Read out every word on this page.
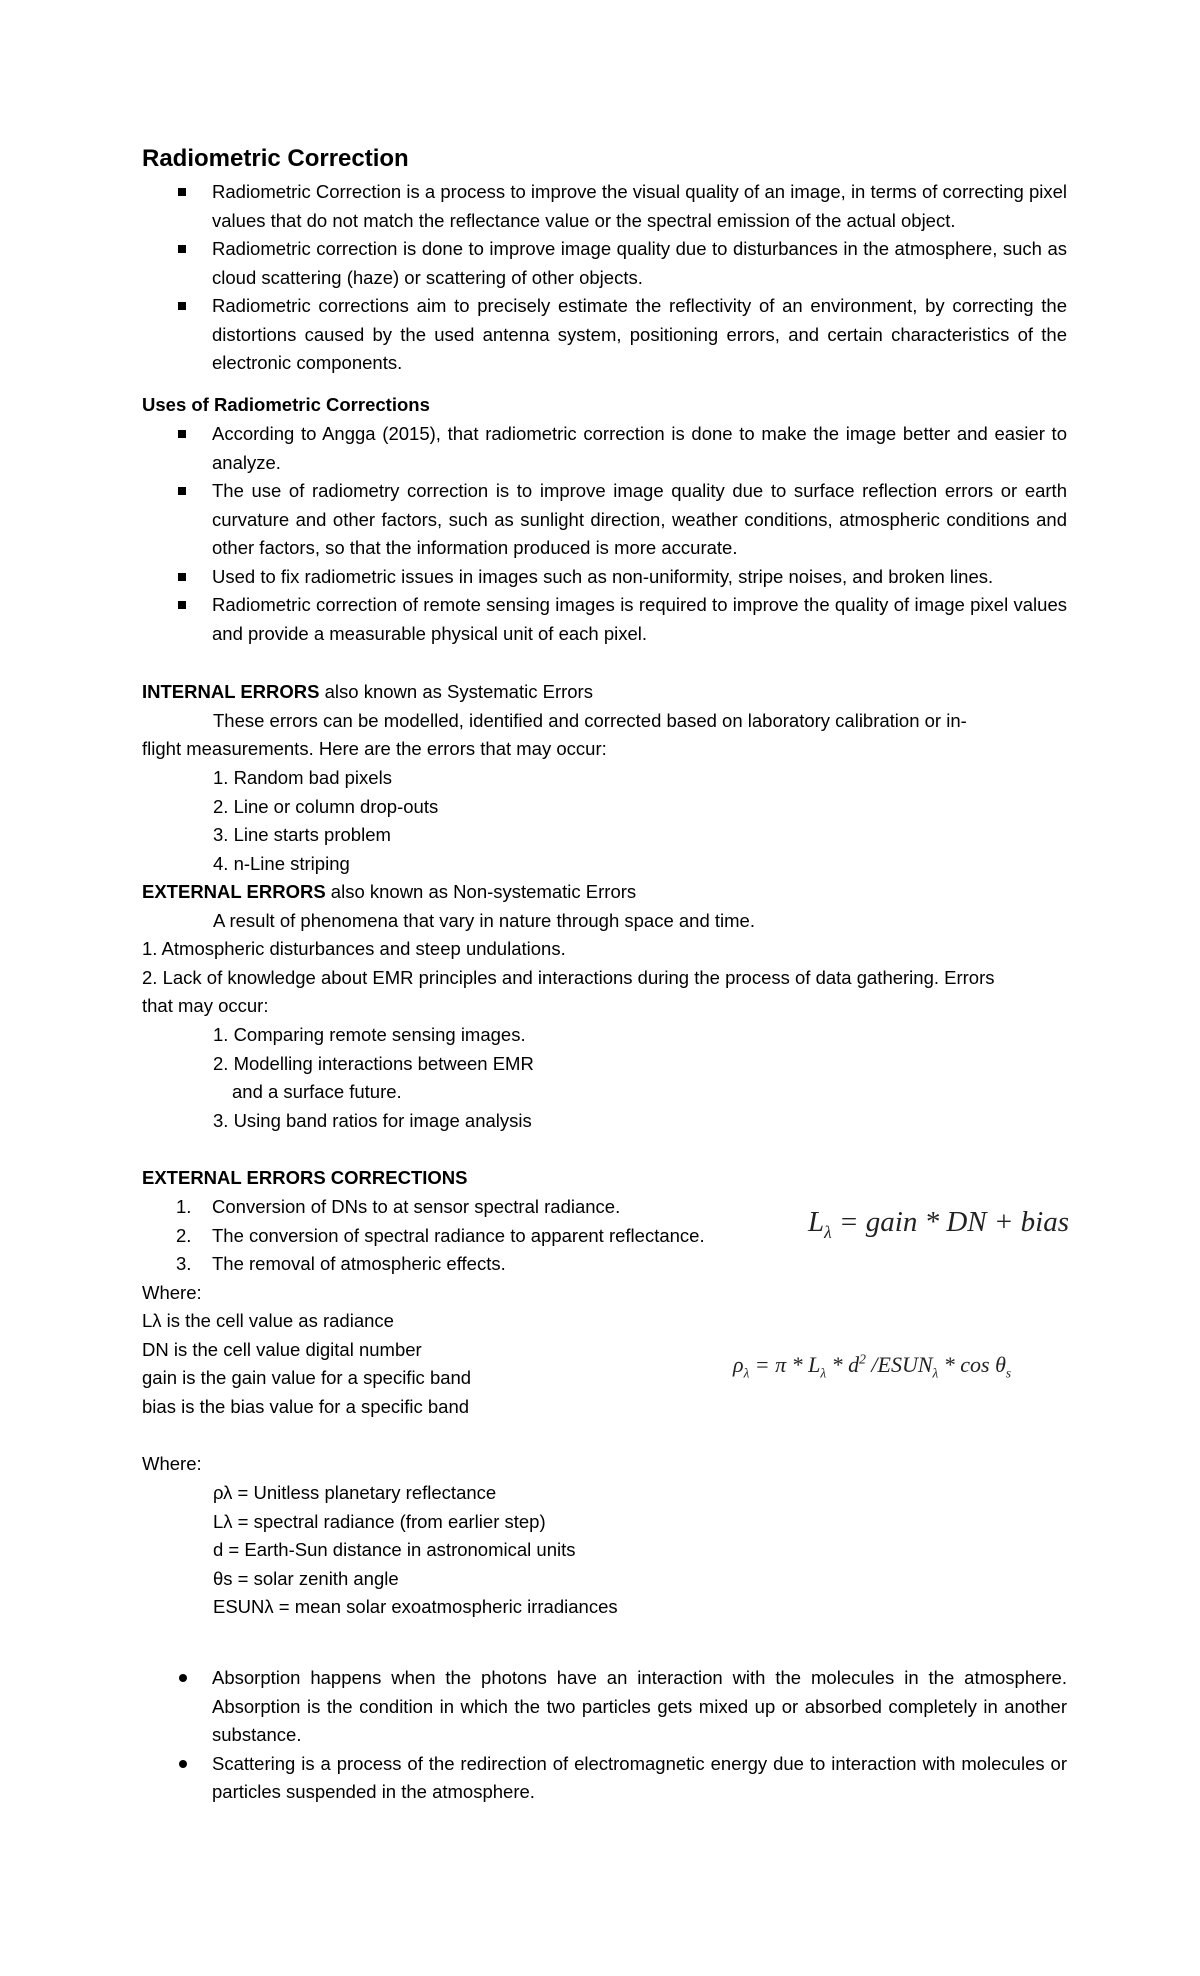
Radiometric Correction
Radiometric Correction is a process to improve the visual quality of an image, in terms of correcting pixel values that do not match the reflectance value or the spectral emission of the actual object.
Radiometric correction is done to improve image quality due to disturbances in the atmosphere, such as cloud scattering (haze) or scattering of other objects.
Radiometric corrections aim to precisely estimate the reflectivity of an environment, by correcting the distortions caused by the used antenna system, positioning errors, and certain characteristics of the electronic components.
Uses of Radiometric Corrections
According to Angga (2015), that radiometric correction is done to make the image better and easier to analyze.
The use of radiometry correction is to improve image quality due to surface reflection errors or earth curvature and other factors, such as sunlight direction, weather conditions, atmospheric conditions and other factors, so that the information produced is more accurate.
Used to fix radiometric issues in images such as non-uniformity, stripe noises, and broken lines.
Radiometric correction of remote sensing images is required to improve the quality of image pixel values and provide a measurable physical unit of each pixel.
INTERNAL ERRORS also known as Systematic Errors
These errors can be modelled, identified and corrected based on laboratory calibration or in-
flight measurements. Here are the errors that may occur:
1. Random bad pixels
2. Line or column drop-outs
3. Line starts problem
4. n-Line striping
EXTERNAL ERRORS also known as Non-systematic Errors
A result of phenomena that vary in nature through space and time.
1. Atmospheric disturbances and steep undulations.
2. Lack of knowledge about EMR principles and interactions during the process of data gathering. Errors
that may occur:
1. Comparing remote sensing images.
2. Modelling interactions between EMR
and a surface future.
3. Using band ratios for image analysis
EXTERNAL ERRORS CORRECTIONS
1. Conversion of DNs to at sensor spectral radiance.
2. The conversion of spectral radiance to apparent reflectance.
3. The removal of atmospheric effects.
Where:
Lλ is the cell value as radiance
DN is the cell value digital number
gain is the gain value for a specific band
bias is the bias value for a specific band
$L_\lambda$ = gain * DN + bias
$\rho_\lambda = \pi * L_\lambda * d^2$ $/ESUN_\lambda$ * $\cos \theta_s$
Where:
ρλ = Unitless planetary reflectance
Lλ = spectral radiance (from earlier step)
d = Earth-Sun distance in astronomical units
θs = solar zenith angle
ESUNλ = mean solar exoatmospheric irradiances
Absorption happens when the photons have an interaction with the molecules in the atmosphere. Absorption is the condition in which the two particles gets mixed up or absorbed completely in another substance.
Scattering is a process of the redirection of electromagnetic energy due to interaction with molecules or particles suspended in the atmosphere.
